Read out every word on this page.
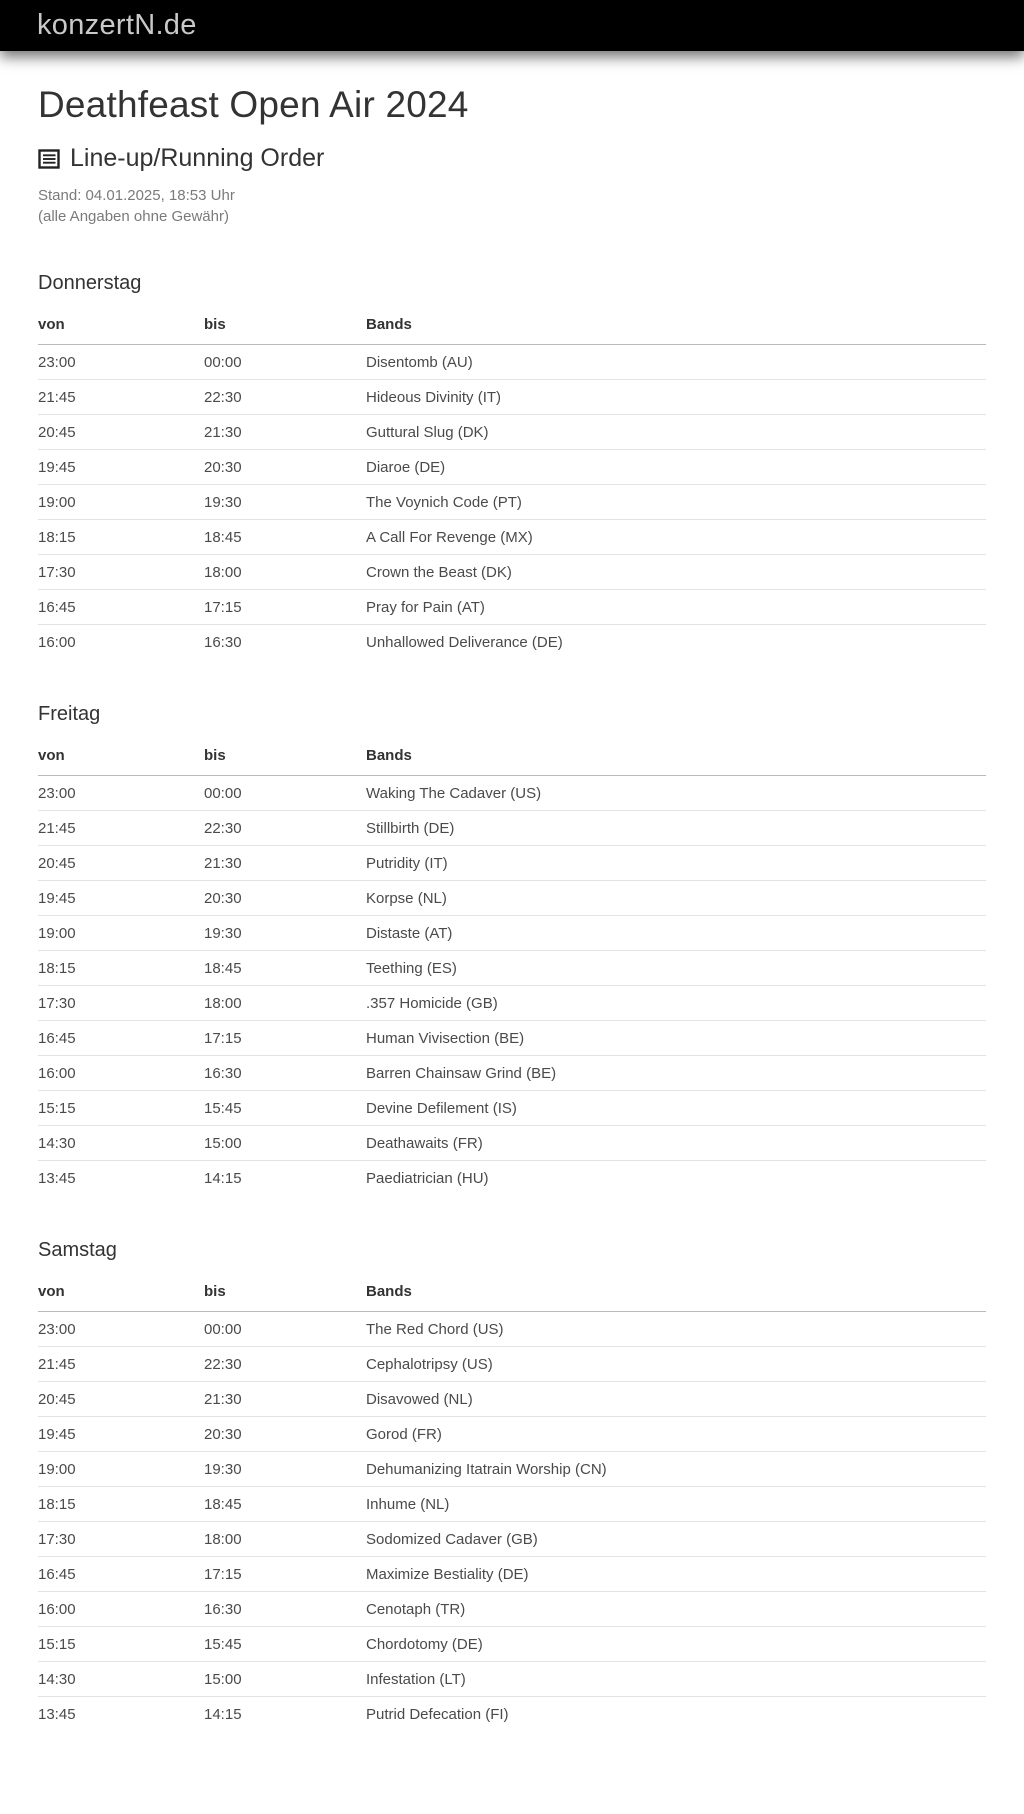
konzertN.de
Deathfeast Open Air 2024
Line-up/Running Order

Stand: 04.01.2025, 18:53 Uhr

(alle Angaben ohne Gewähr)

Donnerstag
von	bis	Bands
23:00	00:00	Disentomb (AU)
21:45	22:30	Hideous Divinity (IT)
20:45	21:30	Guttural Slug (DK)
19:45	20:30	Diaroe (DE)
19:00	19:30	The Voynich Code (PT)
18:15	18:45	A Call For Revenge (MX)
17:30	18:00	Crown the Beast (DK)
16:45	17:15	Pray for Pain (AT)
16:00	16:30	Unhallowed Deliverance (DE)
Freitag
von	bis	Bands
23:00	00:00	Waking The Cadaver (US)
21:45	22:30	Stillbirth (DE)
20:45	21:30	Putridity (IT)
19:45	20:30	Korpse (NL)
19:00	19:30	Distaste (AT)
18:15	18:45	Teething (ES)
17:30	18:00	.357 Homicide (GB)
16:45	17:15	Human Vivisection (BE)
16:00	16:30	Barren Chainsaw Grind (BE)
15:15	15:45	Devine Defilement (IS)
14:30	15:00	Deathawaits (FR)
13:45	14:15	Paediatrician (HU)
Samstag
von	bis	Bands
23:00	00:00	The Red Chord (US)
21:45	22:30	Cephalotripsy (US)
20:45	21:30	Disavowed (NL)
19:45	20:30	Gorod (FR)
19:00	19:30	Dehumanizing Itatrain Worship (CN)
18:15	18:45	Inhume (NL)
17:30	18:00	Sodomized Cadaver (GB)
16:45	17:15	Maximize Bestiality (DE)
16:00	16:30	Cenotaph (TR)
15:15	15:45	Chordotomy (DE)
14:30	15:00	Infestation (LT)
13:45	14:15	Putrid Defecation (FI)
